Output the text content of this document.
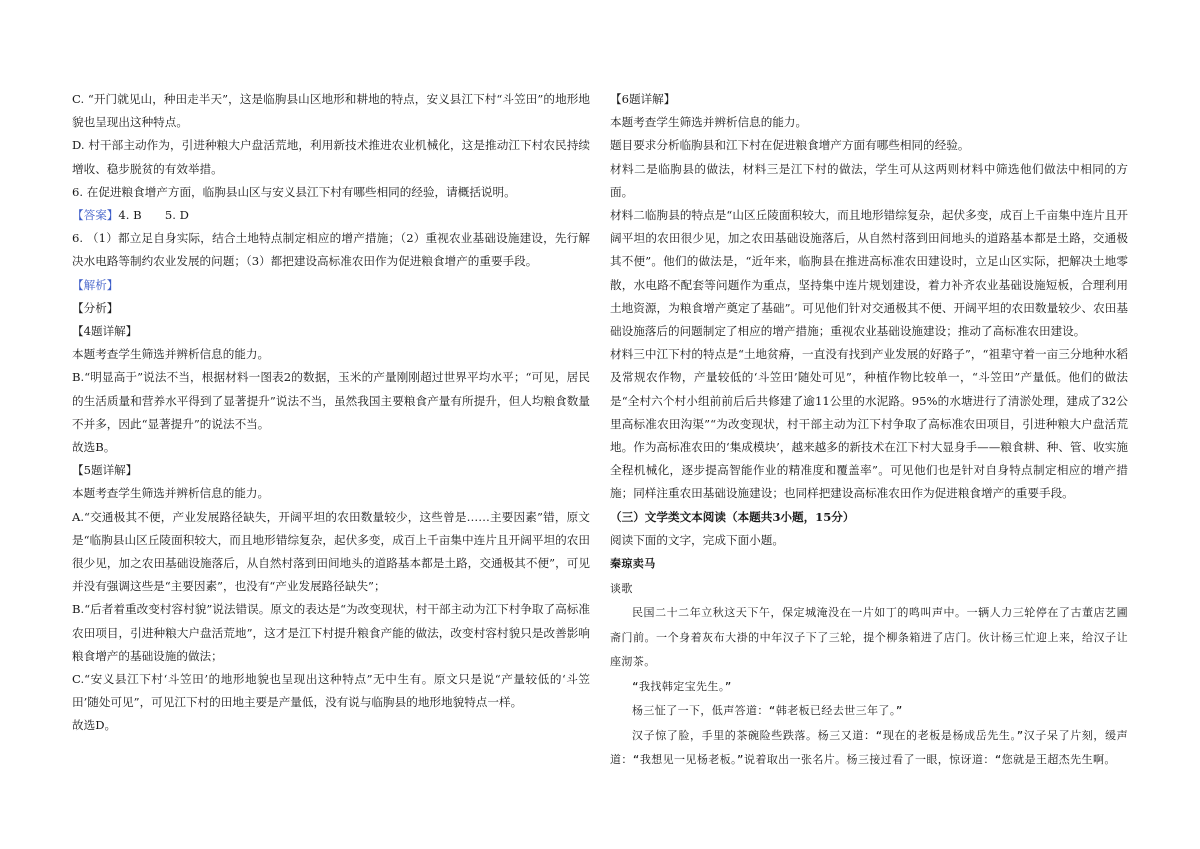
C. “开门就见山，种田走半天”，这是临朐县山区地形和耕地的特点，安义县江下村“斗笠田”的地形地貌也呈现出这种特点。

D. 村干部主动作为，引进种粮大户盘活荒地，利用新技术推进农业机械化，这是推动江下村农民持续增收、稳步脱贫的有效举措。

6. 在促进粮食增产方面，临朐县山区与安义县江下村有哪些相同的经验，请概括说明。

【答案】4. B　　5. D

6. （1）都立足自身实际，结合土地特点制定相应的增产措施；（2）重视农业基础设施建设，先行解决水电路等制约农业发展的问题；（3）都把建设高标准农田作为促进粮食增产的重要手段。

【解析】

【分析】

【4题详解】

本题考查学生筛选并辨析信息的能力。

B.“明显高于”说法不当，根据材料一图表2的数据，玉米的产量刚刚超过世界平均水平；“可见，居民的生活质量和营养水平得到了显著提升”说法不当，虽然我国主要粮食产量有所提升，但人均粮食数量不并多，因此“显著提升”的说法不当。

故选B。

【5题详解】

本题考查学生筛选并辨析信息的能力。

A.“交通极其不便，产业发展路径缺失，开阔平坦的农田数量较少，这些曾是……主要因素”错，原文是“临朐县山区丘陵面积较大，而且地形错综复杂，起伏多变，成百上千亩集中连片且开阔平坦的农田很少见，加之农田基础设施落后，从自然村落到田间地头的道路基本都是土路，交通极其不便”，可见并没有强调这些是“主要因素”，也没有“产业发展路径缺失”；

B.“后者着重改变村容村貌”说法错误。原文的表达是“为改变现状，村干部主动为江下村争取了高标准农田项目，引进种粮大户盘活荒地”，这才是江下村提升粮食产能的做法，改变村容村貌只是改善影响粮食增产的基础设施的做法；

C.“安义县江下村‘斗笠田’的地形地貌也呈现出这种特点”无中生有。原文只是说“产量较低的‘斗笠田’随处可见”，可见江下村的田地主要是产量低，没有说与临朐县的地形地貌特点一样。

故选D。

【6题详解】

本题考查学生筛选并辨析信息的能力。

题目要求分析临朐县和江下村在促进粮食增产方面有哪些相同的经验。

材料二是临朐县的做法，材料三是江下村的做法，学生可从这两则材料中筛选他们做法中相同的方面。

材料二临朐县的特点是“山区丘陵面积较大，而且地形错综复杂，起伏多变，成百上千亩集中连片且开阔平坦的农田很少见，加之农田基础设施落后，从自然村落到田间地头的道路基本都是土路，交通极其不便”。他们的做法是，“近年来，临朐县在推进高标准农田建设时，立足山区实际，把解决土地零散，水电路不配套等问题作为重点，坚持集中连片规划建设，着力补齐农业基础设施短板，合理利用土地资源，为粮食增产奠定了基础”。可见他们针对交通极其不便、开阔平坦的农田数量较少、农田基础设施落后的问题制定了相应的增产措施；重视农业基础设施建设；推动了高标准农田建设。

材料三中江下村的特点是“土地贫瘠，一直没有找到产业发展的好路子”，“祖辈守着一亩三分地种水稻及常规农作物，产量较低的‘斗笠田’随处可见”，种植作物比较单一，“斗笠田”产量低。他们的做法是“全村六个村小组前前后后共修建了逾11公里的水泥路。95%的水塘进行了清淤处理，建成了32公里高标准农田沟渠”“为改变现状，村干部主动为江下村争取了高标准农田项目，引进种粮大户盘活荒地。作为高标准农田的‘集成模块’，越来越多的新技术在江下村大显身手——粮食耕、种、管、收实施全程机械化，逐步提高智能作业的精准度和覆盖率”。可见他们也是针对自身特点制定相应的增产措施；同样注重农田基础设施建设；也同样把建设高标准农田作为促进粮食增产的重要手段。

（三）文学类文本阅读（本题共3小题，15分）

阅读下面的文字，完成下面小题。

秦琼卖马

谈歌

民国二十二年立秋这天下午，保定城淹没在一片如丁的鸣叫声中。一辆人力三轮停在了古董店艺圃斋门前。一个身着灰布大褂的中年汉子下了三轮，提个柳条箱进了店门。伙计杨三忙迎上来，给汉子让座沏茶。

“我找韩定宝先生。”

杨三怔了一下，低声答道：“韩老板已经去世三年了。”

汉子惊了脸，手里的茶碗险些跌落。杨三又道：“现在的老板是杨成岳先生。”汉子呆了片刻，缓声道：“我想见一见杨老板。”说着取出一张名片。杨三接过看了一眼，惊讶道：“您就是王超杰先生啊。
